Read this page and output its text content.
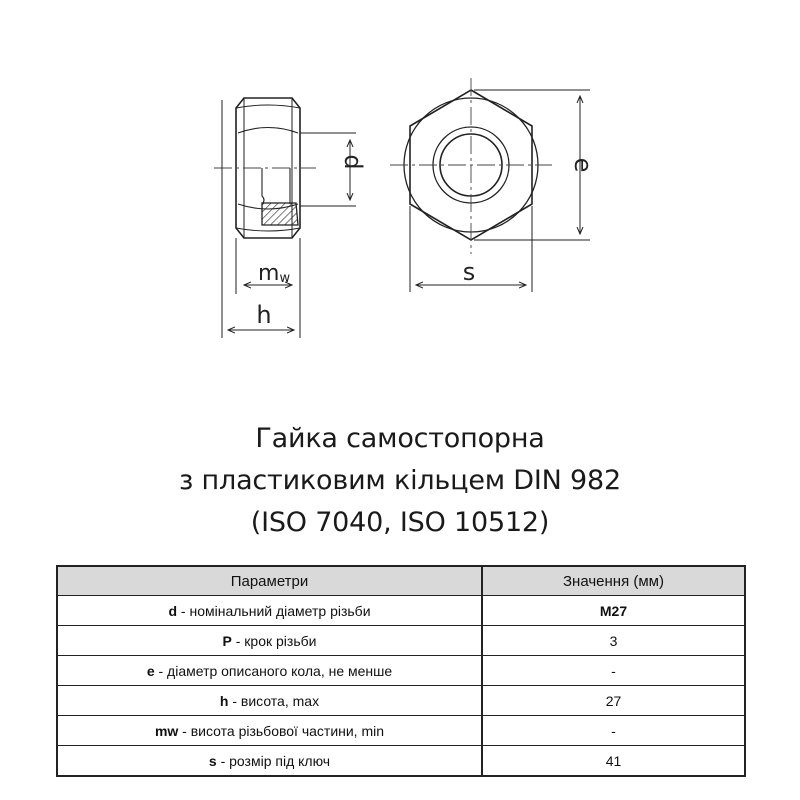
d
mw
h
e
s
Гайка самостопорна
з пластиковим кільцем DIN 982
(ISO 7040, ISO 10512)
Параметри	Значення (мм)
d - номінальний діаметр різьби	M27
P - крок різьби	3
e - діаметр описаного кола, не менше	-
h - висота, max	27
mw - висота різьбової частини, min	-
s - розмір під ключ	41
